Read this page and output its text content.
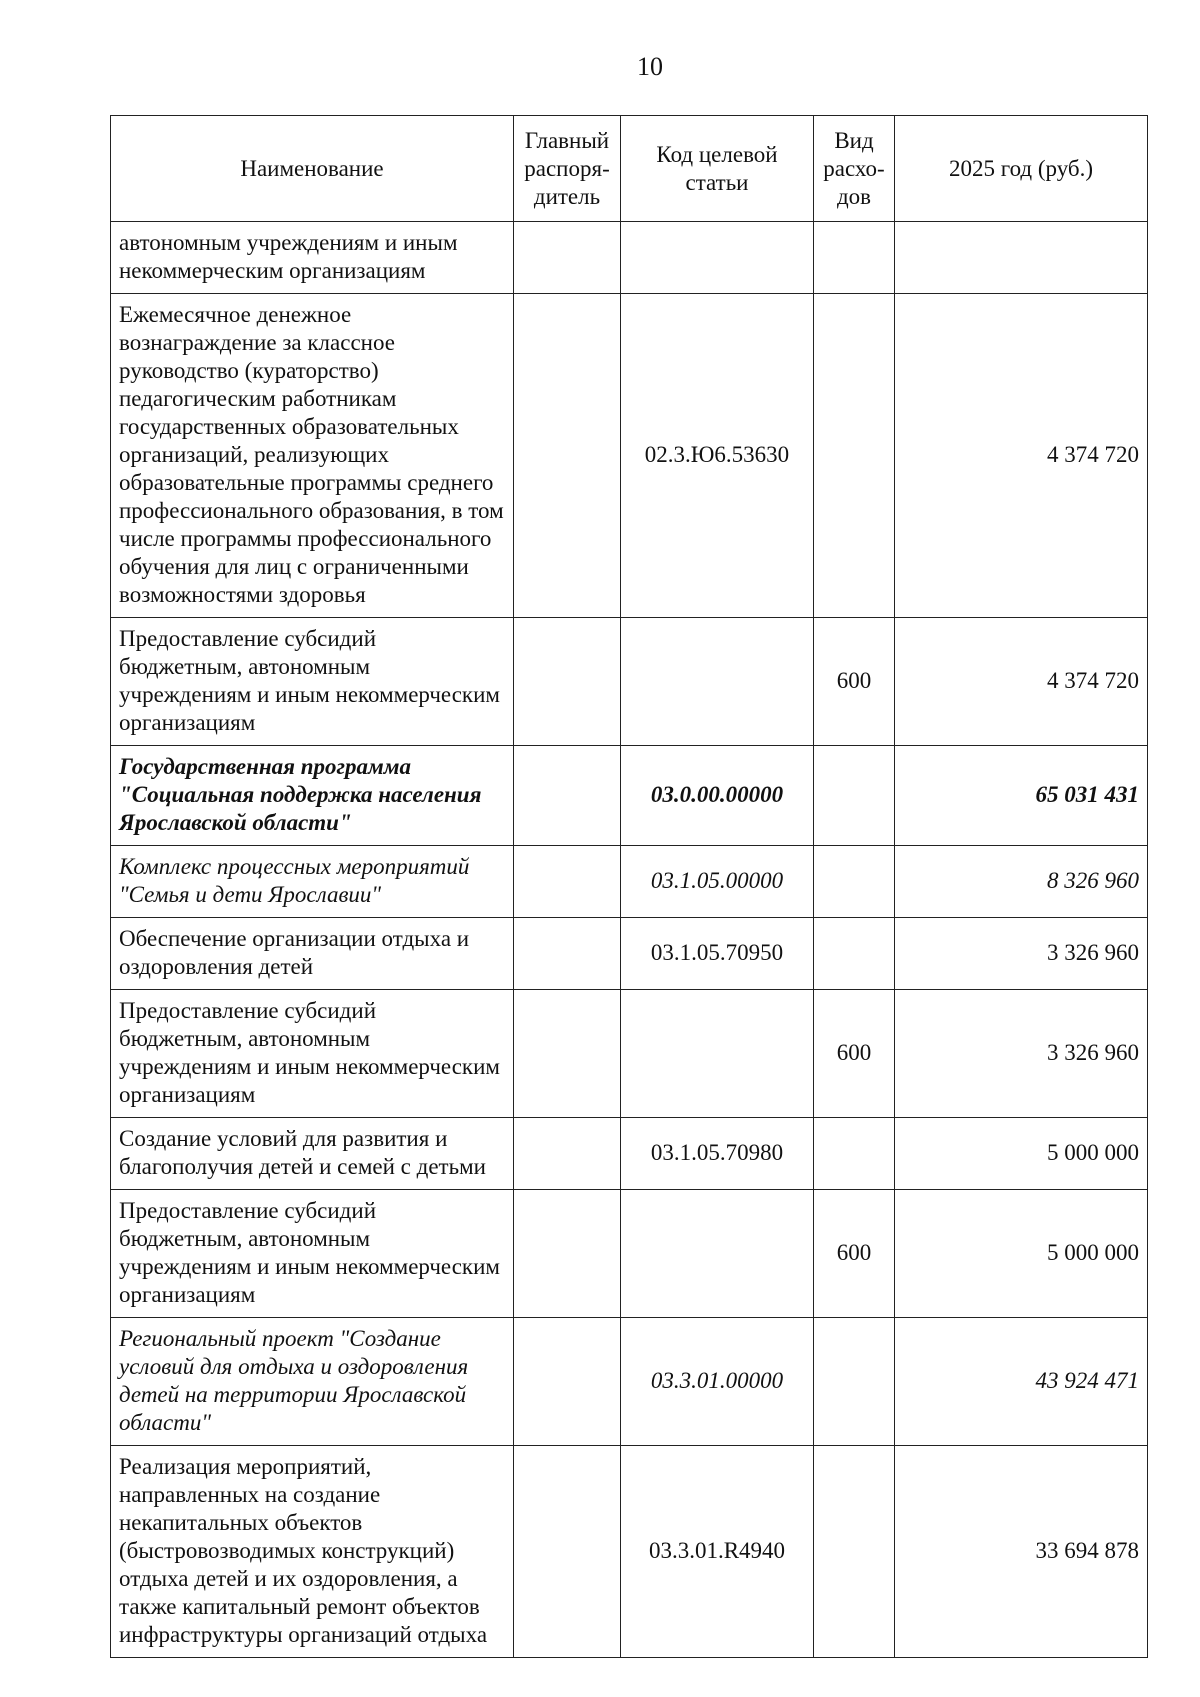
10
Наименование	Главный распоря-дитель	Код целевой статьи	Вид расхо-дов	2025 год (руб.)
автономным учреждениям и иным некоммерческим организациям				
Ежемесячное денежное вознаграждение за классное руководство (кураторство) педагогическим работникам государственных образовательных организаций, реализующих образовательные программы среднего профессионального образования, в том числе программы профессионального обучения для лиц с ограниченными возможностями здоровья		02.3.Ю6.53630		4 374 720
Предоставление субсидий бюджетным, автономным учреждениям и иным некоммерческим организациям			600	4 374 720
Государственная программа "Социальная поддержка населения Ярославской области"		03.0.00.00000		65 031 431
Комплекс процессных мероприятий "Семья и дети Ярославии"		03.1.05.00000		8 326 960
Обеспечение организации отдыха и оздоровления детей		03.1.05.70950		3 326 960
Предоставление субсидий бюджетным, автономным учреждениям и иным некоммерческим организациям			600	3 326 960
Создание условий для развития и благополучия детей и семей с детьми		03.1.05.70980		5 000 000
Предоставление субсидий бюджетным, автономным учреждениям и иным некоммерческим организациям			600	5 000 000
Региональный проект "Создание условий для отдыха и оздоровления детей на территории Ярославской области"		03.3.01.00000		43 924 471
Реализация мероприятий, направленных на создание некапитальных объектов (быстровозводимых конструкций) отдыха детей и их оздоровления, а также капитальный ремонт объектов инфраструктуры организаций отдыха		03.3.01.R4940		33 694 878
